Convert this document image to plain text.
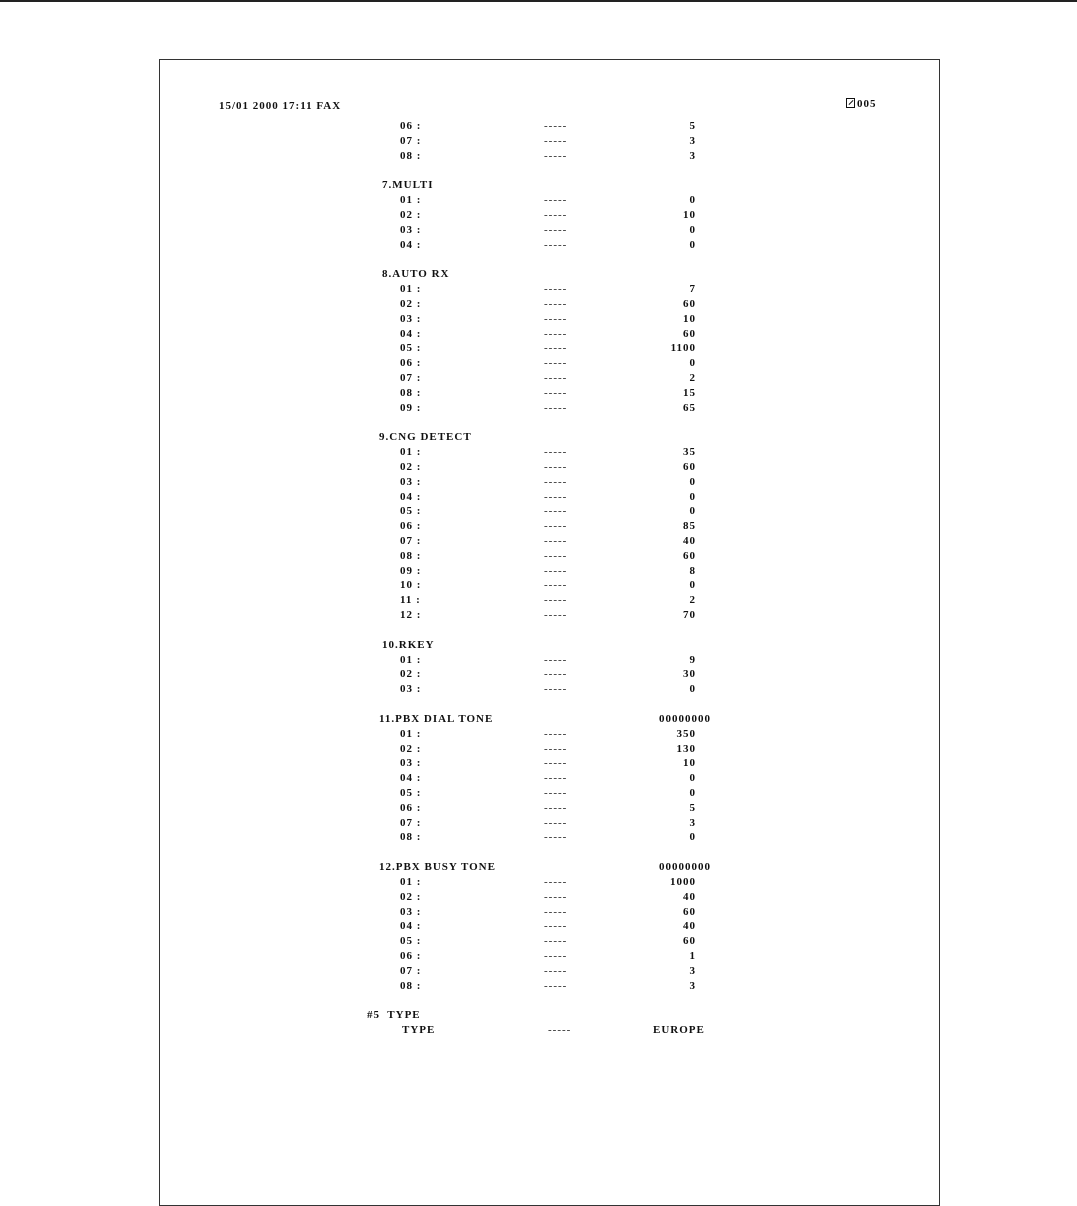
15/01 2000 17:11 FAX	005
06 :	-----	5
07 :	-----	3
08 :	-----	3
7.MULTI
01 :	-----	0
02 :	-----	10
03 :	-----	0
04 :	-----	0
8.AUTO RX
01 :	-----	7
02 :	-----	60
03 :	-----	10
04 :	-----	60
05 :	-----	1100
06 :	-----	0
07 :	-----	2
08 :	-----	15
09 :	-----	65
9.CNG DETECT
01 :	-----	35
02 :	-----	60
03 :	-----	0
04 :	-----	0
05 :	-----	0
06 :	-----	85
07 :	-----	40
08 :	-----	60
09 :	-----	8
10 :	-----	0
11 :	-----	2
12 :	-----	70
10.RKEY
01 :	-----	9
02 :	-----	30
03 :	-----	0
11.PBX DIAL TONE	00000000
01 :	-----	350
02 :	-----	130
03 :	-----	10
04 :	-----	0
05 :	-----	0
06 :	-----	5
07 :	-----	3
08 :	-----	0
12.PBX BUSY TONE	00000000
01 :	-----	1000
02 :	-----	40
03 :	-----	60
04 :	-----	40
05 :	-----	60
06 :	-----	1
07 :	-----	3
08 :	-----	3
#5  TYPE
TYPE	-----	EUROPE
